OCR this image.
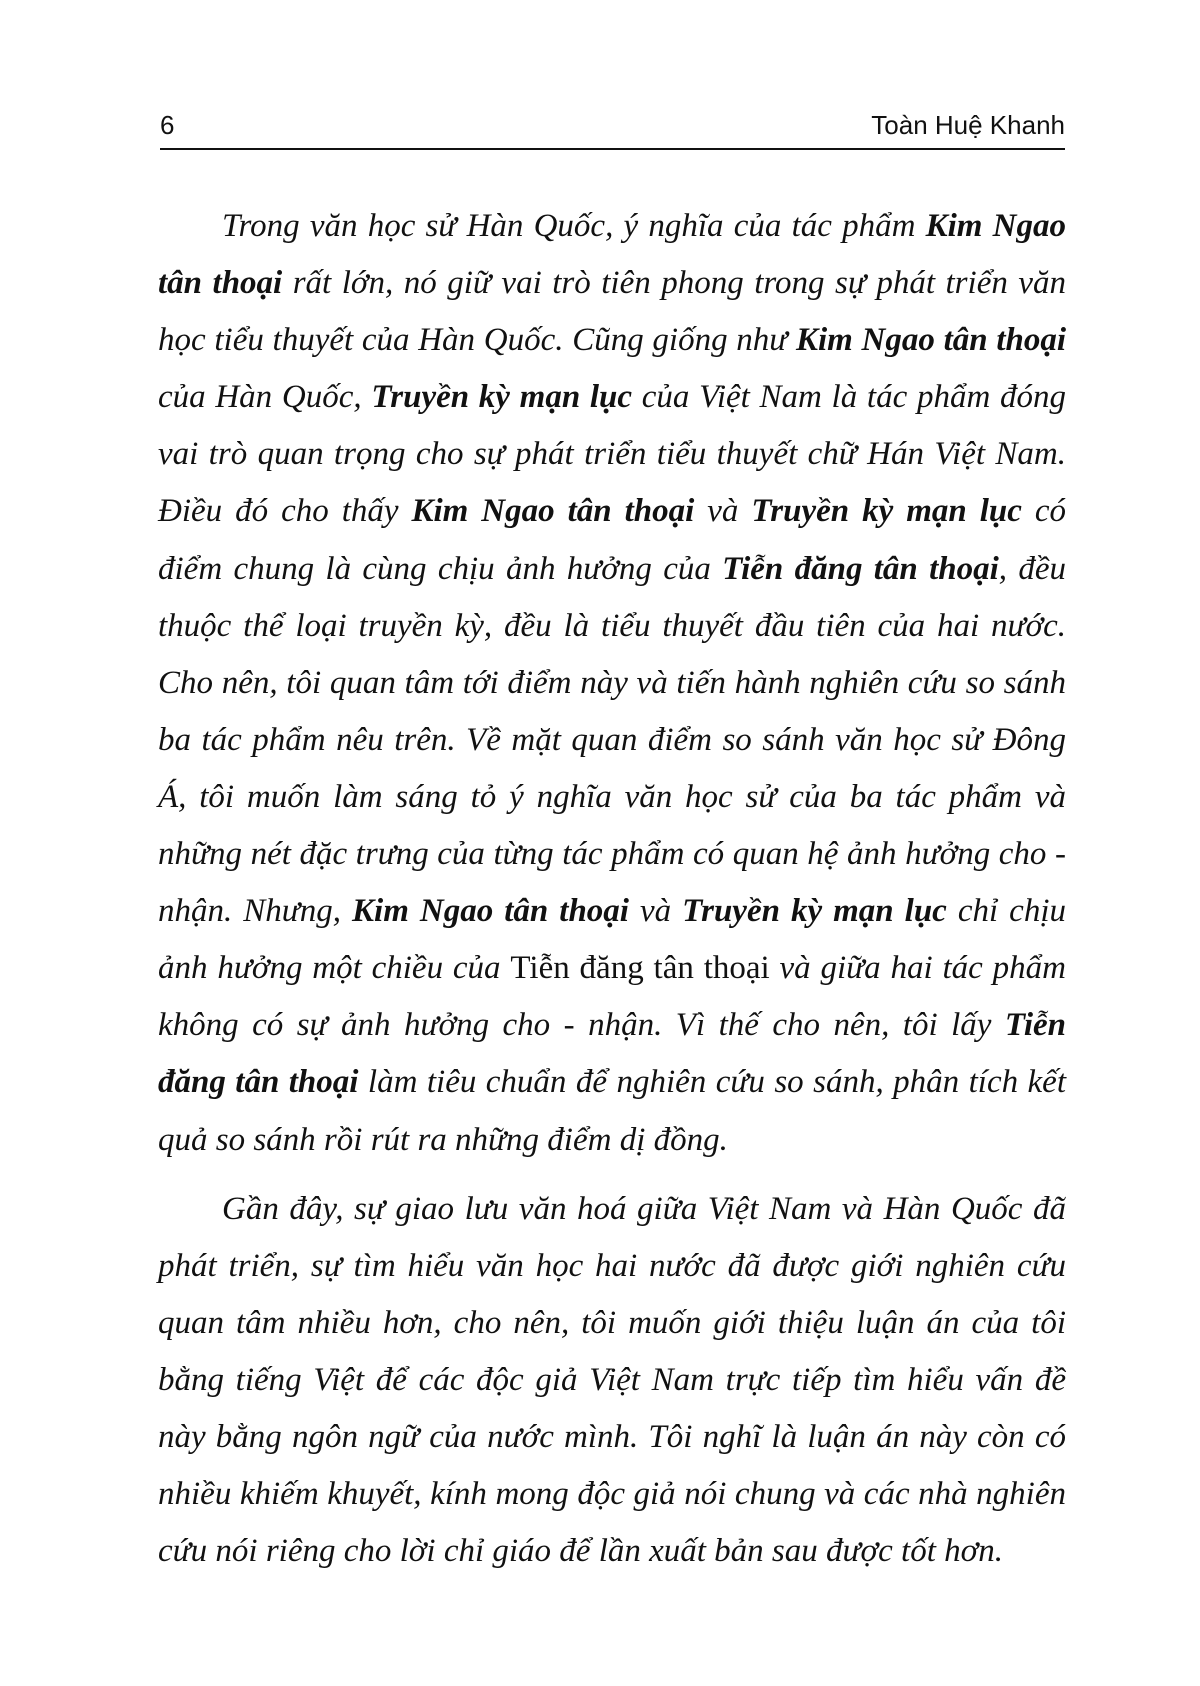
6	Toàn Huệ Khanh

Trong văn học sử Hàn Quốc, ý nghĩa của tác phẩm Kim Ngao tân thoại rất lớn, nó giữ vai trò tiên phong trong sự phát triển văn học tiểu thuyết của Hàn Quốc. Cũng giống như Kim Ngao tân thoại của Hàn Quốc, Truyền kỳ mạn lục của Việt Nam là tác phẩm đóng vai trò quan trọng cho sự phát triển tiểu thuyết chữ Hán Việt Nam. Điều đó cho thấy Kim Ngao tân thoại và Truyền kỳ mạn lục có điểm chung là cùng chịu ảnh hưởng của Tiễn đăng tân thoại, đều thuộc thể loại truyền kỳ, đều là tiểu thuyết đầu tiên của hai nước. Cho nên, tôi quan tâm tới điểm này và tiến hành nghiên cứu so sánh ba tác phẩm nêu trên. Về mặt quan điểm so sánh văn học sử Đông Á, tôi muốn làm sáng tỏ ý nghĩa văn học sử của ba tác phẩm và những nét đặc trưng của từng tác phẩm có quan hệ ảnh hưởng cho - nhận. Nhưng, Kim Ngao tân thoại và Truyền kỳ mạn lục chỉ chịu ảnh hưởng một chiều của Tiễn đăng tân thoại và giữa hai tác phẩm không có sự ảnh hưởng cho - nhận. Vì thế cho nên, tôi lấy Tiễn đăng tân thoại làm tiêu chuẩn để nghiên cứu so sánh, phân tích kết quả so sánh rồi rút ra những điểm dị đồng.

Gần đây, sự giao lưu văn hoá giữa Việt Nam và Hàn Quốc đã phát triển, sự tìm hiểu văn học hai nước đã được giới nghiên cứu quan tâm nhiều hơn, cho nên, tôi muốn giới thiệu luận án của tôi bằng tiếng Việt để các độc giả Việt Nam trực tiếp tìm hiểu vấn đề này bằng ngôn ngữ của nước mình. Tôi nghĩ là luận án này còn có nhiều khiếm khuyết, kính mong độc giả nói chung và các nhà nghiên cứu nói riêng cho lời chỉ giáo để lần xuất bản sau được tốt hơn.
